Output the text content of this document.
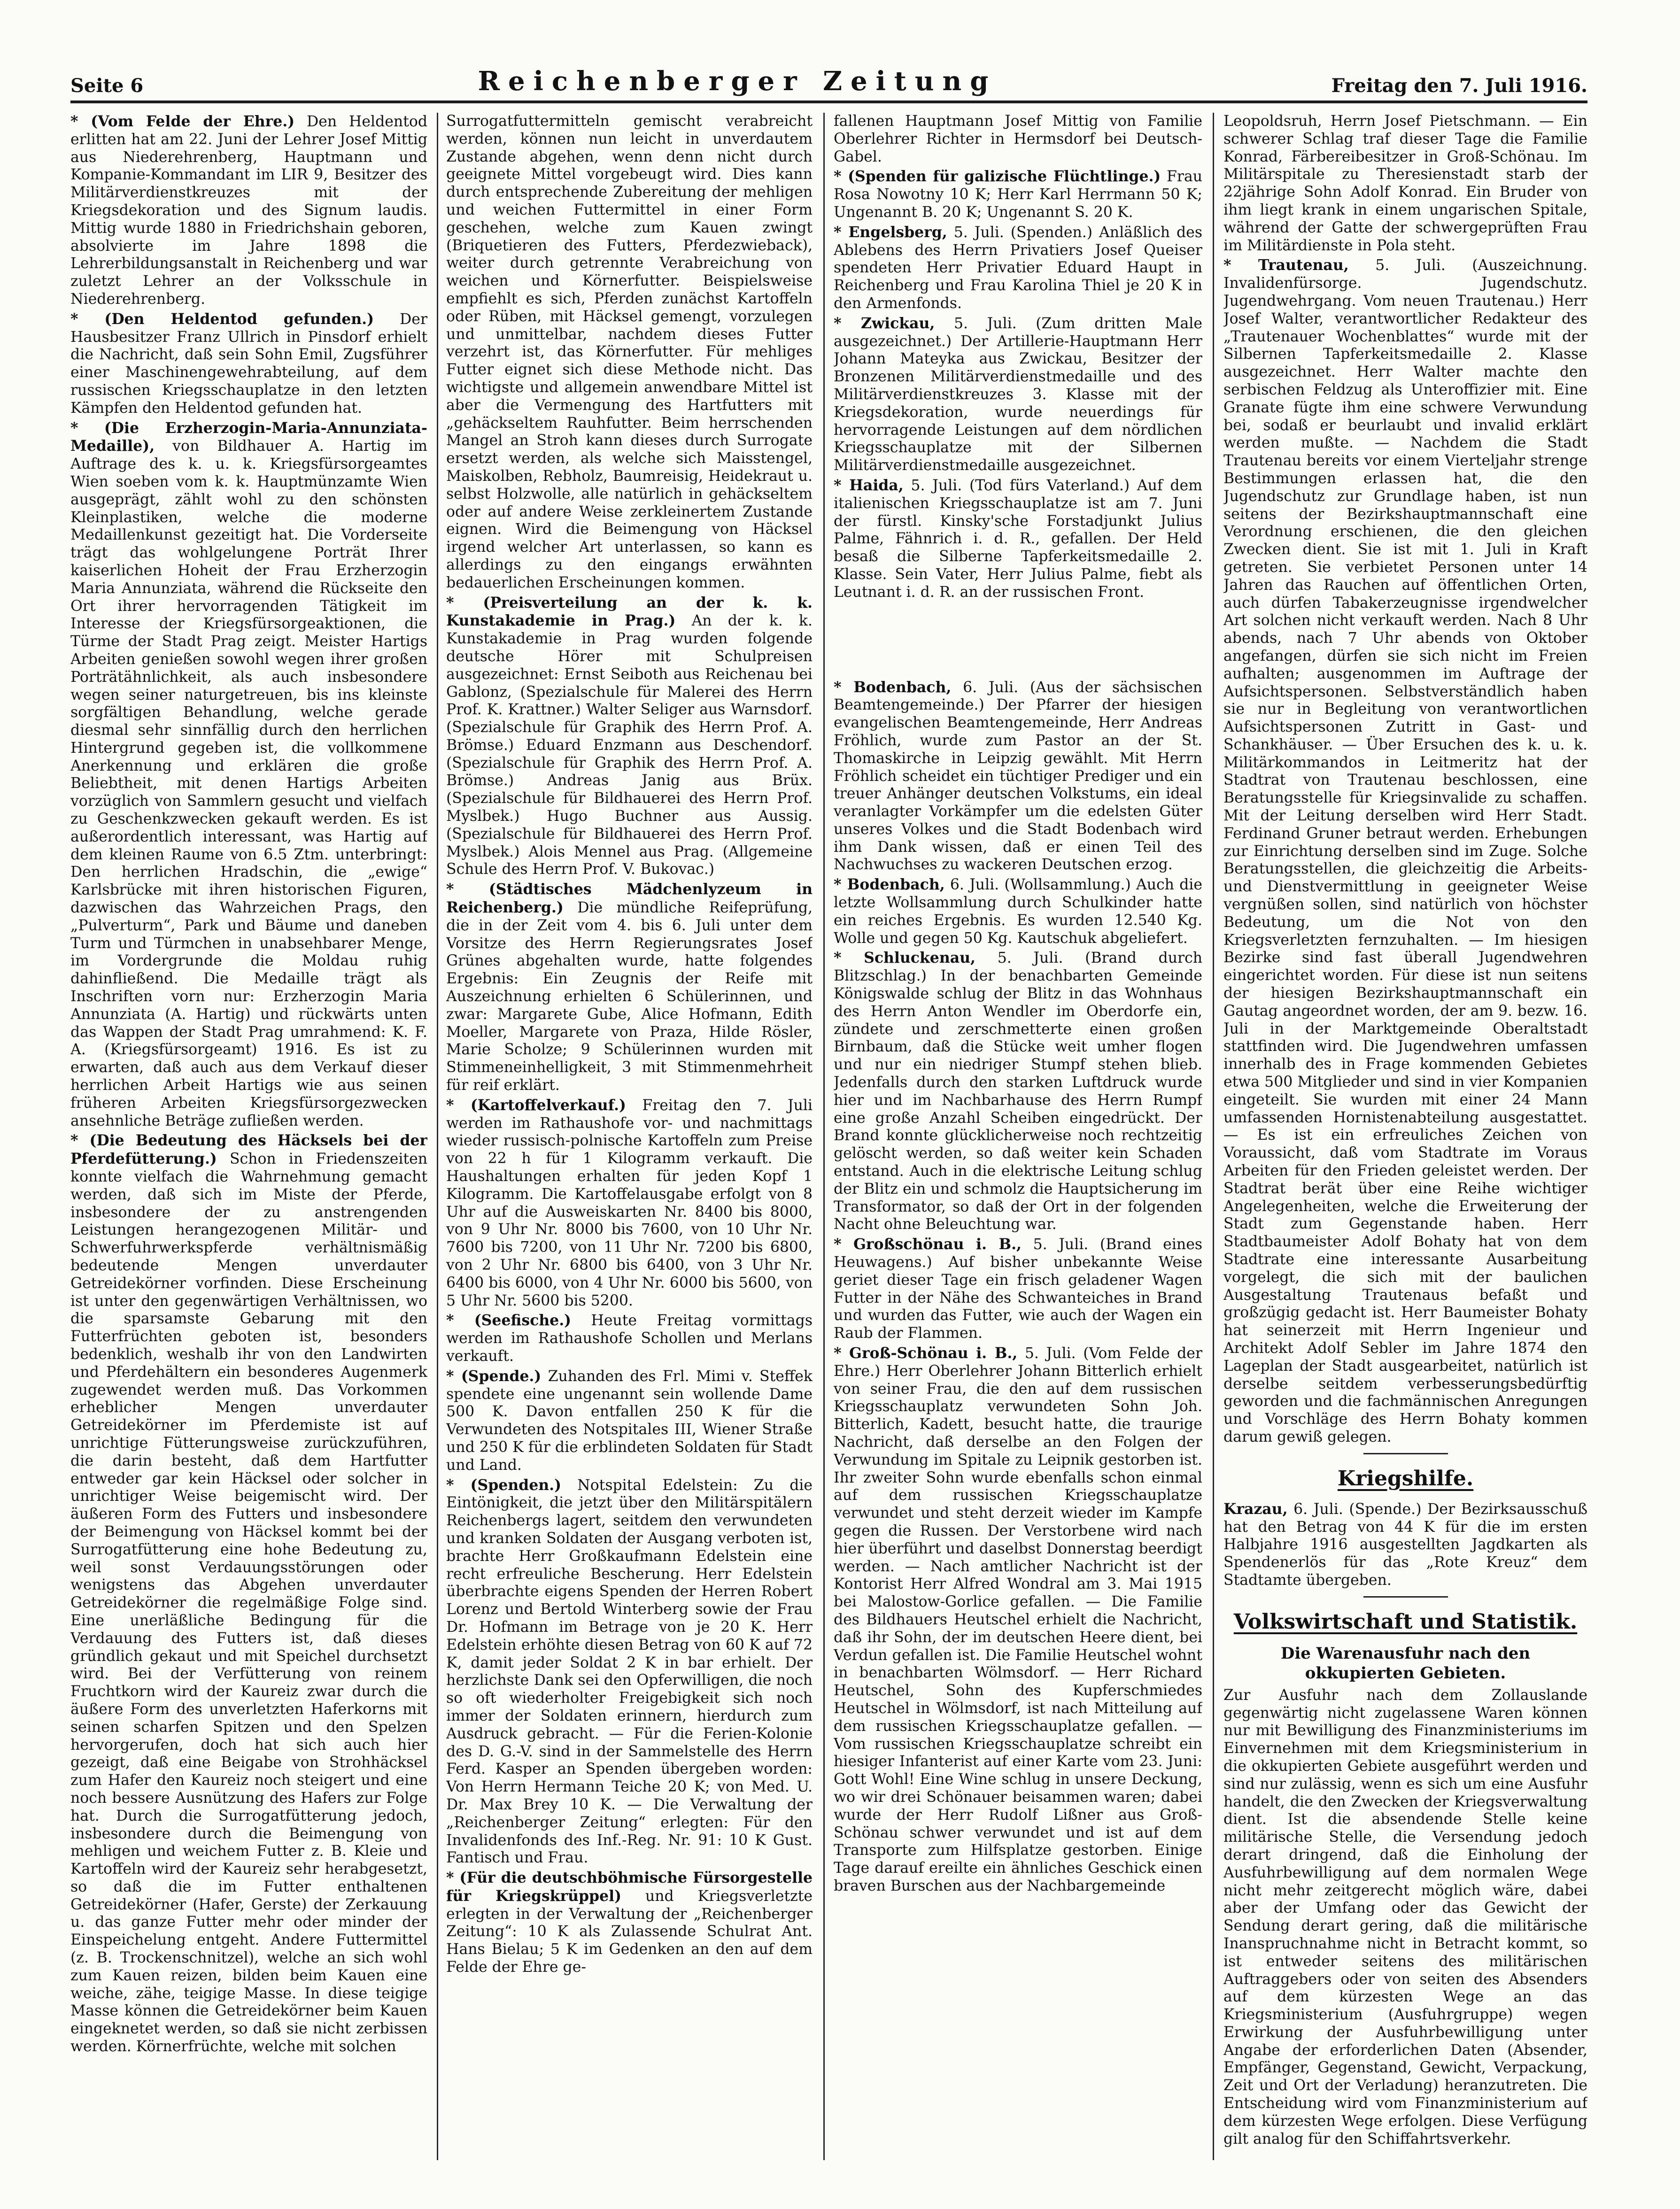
Seite 6	Reichenberger Zeitung	Freitag den 7. Juli 1916.

* (Vom Felde der Ehre.) Den Heldentod erlitten hat am 22. Juni der Lehrer Josef Mittig aus Niederehrenberg, Hauptmann und Kompanie-Kommandant im LIR 9, Besitzer des Militärverdienstkreuzes mit der Kriegsdekoration und des Signum laudis. Mittig wurde 1880 in Friedrichshain geboren, absolvierte im Jahre 1898 die Lehrerbildungsanstalt in Reichenberg und war zuletzt Lehrer an der Volksschule in Niederehrenberg.

* (Den Heldentod gefunden.) Der Hausbesitzer Franz Ullrich in Pinsdorf erhielt die Nachricht, daß sein Sohn Emil, Zugsführer einer Maschinengewehrabteilung, auf dem russischen Kriegsschauplatze in den letzten Kämpfen den Heldentod gefunden hat.

* (Die Erzherzogin-Maria-Annunziata-Medaille), von Bildhauer A. Hartig im Auftrage des k. u. k. Kriegsfürsorgeamtes Wien soeben vom k. k. Hauptmünzamte Wien ausgeprägt, zählt wohl zu den schönsten Kleinplastiken, welche die moderne Medaillenkunst gezeitigt hat. Die Vorderseite trägt das wohlgelungene Porträt Ihrer kaiserlichen Hoheit der Frau Erzherzogin Maria Annunziata, während die Rückseite den Ort ihrer hervorragenden Tätigkeit im Interesse der Kriegsfürsorgeaktionen, die Türme der Stadt Prag zeigt. Meister Hartigs Arbeiten genießen sowohl wegen ihrer großen Porträtähnlichkeit, als auch insbesondere wegen seiner naturgetreuen, bis ins kleinste sorgfältigen Behandlung, welche gerade diesmal sehr sinnfällig durch den herrlichen Hintergrund gegeben ist, die vollkommene Anerkennung und erklären die große Beliebtheit, mit denen Hartigs Arbeiten vorzüglich von Sammlern gesucht und vielfach zu Geschenkzwecken gekauft werden. Es ist außerordentlich interessant, was Hartig auf dem kleinen Raume von 6.5 Ztm. unterbringt: Den herrlichen Hradschin, die „ewige“ Karlsbrücke mit ihren historischen Figuren, dazwischen das Wahrzeichen Prags, den „Pulverturm“, Park und Bäume und daneben Turm und Türmchen in unabsehbarer Menge, im Vordergrunde die Moldau ruhig dahinfließend. Die Medaille trägt als Inschriften vorn nur: Erzherzogin Maria Annunziata (A. Hartig) und rückwärts unten das Wappen der Stadt Prag umrahmend: K. F. A. (Kriegsfürsorgeamt) 1916. Es ist zu erwarten, daß auch aus dem Verkauf dieser herrlichen Arbeit Hartigs wie aus seinen früheren Arbeiten Kriegsfürsorgezwecken ansehnliche Beträge zufließen werden.

* (Die Bedeutung des Häcksels bei der Pferdefütterung.) Schon in Friedenszeiten konnte vielfach die Wahrnehmung gemacht werden, daß sich im Miste der Pferde, insbesondere der zu anstrengenden Leistungen herangezogenen Militär- und Schwerfuhrwerkspferde verhältnismäßig bedeutende Mengen unverdauter Getreidekörner vorfinden. Diese Erscheinung ist unter den gegenwärtigen Verhältnissen, wo die sparsamste Gebarung mit den Futterfrüchten geboten ist, besonders bedenklich, weshalb ihr von den Landwirten und Pferdehältern ein besonderes Augenmerk zugewendet werden muß. Das Vorkommen erheblicher Mengen unverdauter Getreidekörner im Pferdemiste ist auf unrichtige Fütterungsweise zurückzuführen, die darin besteht, daß dem Hartfutter entweder gar kein Häcksel oder solcher in unrichtiger Weise beigemischt wird. Der äußeren Form des Futters und insbesondere der Beimengung von Häcksel kommt bei der Surrogatfütterung eine hohe Bedeutung zu, weil sonst Verdauungsstörungen oder wenigstens das Abgehen unverdauter Getreidekörner die regelmäßige Folge sind. Eine unerläßliche Bedingung für die Verdauung des Futters ist, daß dieses gründlich gekaut und mit Speichel durchsetzt wird. Bei der Verfütterung von reinem Fruchtkorn wird der Kaureiz zwar durch die äußere Form des unverletzten Haferkorns mit seinen scharfen Spitzen und den Spelzen hervorgerufen, doch hat sich auch hier gezeigt, daß eine Beigabe von Strohhäcksel zum Hafer den Kaureiz noch steigert und eine noch bessere Ausnützung des Hafers zur Folge hat. Durch die Surrogatfütterung jedoch, insbesondere durch die Beimengung von mehligen und weichem Futter z. B. Kleie und Kartoffeln wird der Kaureiz sehr herabgesetzt, so daß die im Futter enthaltenen Getreidekörner (Hafer, Gerste) der Zerkauung u. das ganze Futter mehr oder minder der Einspeichelung entgeht. Andere Futtermittel (z. B. Trockenschnitzel), welche an sich wohl zum Kauen reizen, bilden beim Kauen eine weiche, zähe, teigige Masse. In diese teigige Masse können die Getreidekörner beim Kauen eingeknetet werden, so daß sie nicht zerbissen werden. Körnerfrüchte, welche mit solchen

Surrogatfuttermitteln gemischt verabreicht werden, können nun leicht in unverdautem Zustande abgehen, wenn denn nicht durch geeignete Mittel vorgebeugt wird. Dies kann durch entsprechende Zubereitung der mehligen und weichen Futtermittel in einer Form geschehen, welche zum Kauen zwingt (Briquetieren des Futters, Pferdezwieback), weiter durch getrennte Verabreichung von weichen und Körnerfutter. Beispielsweise empfiehlt es sich, Pferden zunächst Kartoffeln oder Rüben, mit Häcksel gemengt, vorzulegen und unmittelbar, nachdem dieses Futter verzehrt ist, das Körnerfutter. Für mehliges Futter eignet sich diese Methode nicht. Das wichtigste und allgemein anwendbare Mittel ist aber die Vermengung des Hartfutters mit „gehäckseltem Rauhfutter. Beim herrschenden Mangel an Stroh kann dieses durch Surrogate ersetzt werden, als welche sich Maisstengel, Maiskolben, Rebholz, Baumreisig, Heidekraut u. selbst Holzwolle, alle natürlich in gehäckseltem oder auf andere Weise zerkleinertem Zustande eignen. Wird die Beimengung von Häcksel irgend welcher Art unterlassen, so kann es allerdings zu den eingangs erwähnten bedauerlichen Erscheinungen kommen.

* (Preisverteilung an der k. k. Kunstakademie in Prag.) An der k. k. Kunstakademie in Prag wurden folgende deutsche Hörer mit Schulpreisen ausgezeichnet: Ernst Seiboth aus Reichenau bei Gablonz, (Spezialschule für Malerei des Herrn Prof. K. Krattner.) Walter Seliger aus Warnsdorf. (Spezialschule für Graphik des Herrn Prof. A. Brömse.) Eduard Enzmann aus Deschendorf. (Spezialschule für Graphik des Herrn Prof. A. Brömse.) Andreas Janig aus Brüx. (Spezialschule für Bildhauerei des Herrn Prof. Myslbek.) Hugo Buchner aus Aussig. (Spezialschule für Bildhauerei des Herrn Prof. Myslbek.) Alois Mennel aus Prag. (Allgemeine Schule des Herrn Prof. V. Bukovac.)

* (Städtisches Mädchenlyzeum in Reichenberg.) Die mündliche Reifeprüfung, die in der Zeit vom 4. bis 6. Juli unter dem Vorsitze des Herrn Regierungsrates Josef Grünes abgehalten wurde, hatte folgendes Ergebnis: Ein Zeugnis der Reife mit Auszeichnung erhielten 6 Schülerinnen, und zwar: Margarete Gube, Alice Hofmann, Edith Moeller, Margarete von Praza, Hilde Rösler, Marie Scholze; 9 Schülerinnen wurden mit Stimmeneinhelligkeit, 3 mit Stimmenmehrheit für reif erklärt.

* (Kartoffelverkauf.) Freitag den 7. Juli werden im Rathaushofe vor- und nachmittags wieder russisch-polnische Kartoffeln zum Preise von 22 h für 1 Kilogramm verkauft. Die Haushaltungen erhalten für jeden Kopf 1 Kilogramm. Die Kartoffelausgabe erfolgt von 8 Uhr auf die Ausweiskarten Nr. 8400 bis 8000, von 9 Uhr Nr. 8000 bis 7600, von 10 Uhr Nr. 7600 bis 7200, von 11 Uhr Nr. 7200 bis 6800, von 2 Uhr Nr. 6800 bis 6400, von 3 Uhr Nr. 6400 bis 6000, von 4 Uhr Nr. 6000 bis 5600, von 5 Uhr Nr. 5600 bis 5200.

* (Seefische.) Heute Freitag vormittags werden im Rathaushofe Schollen und Merlans verkauft.

* (Spende.) Zuhanden des Frl. Mimi v. Steffek spendete eine ungenannt sein wollende Dame 500 K. Davon entfallen 250 K für die Verwundeten des Notspitales III, Wiener Straße und 250 K für die erblindeten Soldaten für Stadt und Land.

* (Spenden.) Notspital Edelstein: Zu die Eintönigkeit, die jetzt über den Militärspitälern Reichenbergs lagert, seitdem den verwundeten und kranken Soldaten der Ausgang verboten ist, brachte Herr Großkaufmann Edelstein eine recht erfreuliche Bescherung. Herr Edelstein überbrachte eigens Spenden der Herren Robert Lorenz und Bertold Winterberg sowie der Frau Dr. Hofmann im Betrage von je 20 K. Herr Edelstein erhöhte diesen Betrag von 60 K auf 72 K, damit jeder Soldat 2 K in bar erhielt. Der herzlichste Dank sei den Opferwilligen, die noch so oft wiederholter Freigebigkeit sich noch immer der Soldaten erinnern, hierdurch zum Ausdruck gebracht. — Für die Ferien-Kolonie des D. G.-V. sind in der Sammelstelle des Herrn Ferd. Kasper an Spenden übergeben worden: Von Herrn Hermann Teiche 20 K; von Med. U. Dr. Max Brey 10 K. — Die Verwaltung der „Reichenberger Zeitung“ erlegten: Für den Invalidenfonds des Inf.-Reg. Nr. 91: 10 K Gust. Fantisch und Frau.

* (Für die deutschböhmische Fürsorgestelle für Kriegskrüppel) und Kriegsverletzte erlegten in der Verwaltung der „Reichenberger Zeitung“: 10 K als Zulassende Schulrat Ant. Hans Bielau; 5 K im Gedenken an den auf dem Felde der Ehre ge-

fallenen Hauptmann Josef Mittig von Familie Oberlehrer Richter in Hermsdorf bei Deutsch-Gabel.

* (Spenden für galizische Flüchtlinge.) Frau Rosa Nowotny 10 K; Herr Karl Herrmann 50 K; Ungenannt B. 20 K; Ungenannt S. 20 K.

* Engelsberg, 5. Juli. (Spenden.) Anläßlich des Ablebens des Herrn Privatiers Josef Queiser spendeten Herr Privatier Eduard Haupt in Reichenberg und Frau Karolina Thiel je 20 K in den Armenfonds.

* Zwickau, 5. Juli. (Zum dritten Male ausgezeichnet.) Der Artillerie-Hauptmann Herr Johann Mateyka aus Zwickau, Besitzer der Bronzenen Militärverdienstmedaille und des Militärverdienstkreuzes 3. Klasse mit der Kriegsdekoration, wurde neuerdings für hervorragende Leistungen auf dem nördlichen Kriegsschauplatze mit der Silbernen Militärverdienstmedaille ausgezeichnet.

* Haida, 5. Juli. (Tod fürs Vaterland.) Auf dem italienischen Kriegsschauplatze ist am 7. Juni der fürstl. Kinsky'sche Forstadjunkt Julius Palme, Fähnrich i. d. R., gefallen. Der Held besaß die Silberne Tapferkeitsmedaille 2. Klasse. Sein Vater, Herr Julius Palme, fiebt als Leutnant i. d. R. an der russischen Front.

* Bodenbach, 6. Juli. (Aus der sächsischen Beamtengemeinde.) Der Pfarrer der hiesigen evangelischen Beamtengemeinde, Herr Andreas Fröhlich, wurde zum Pastor an der St. Thomaskirche in Leipzig gewählt. Mit Herrn Fröhlich scheidet ein tüchtiger Prediger und ein treuer Anhänger deutschen Volkstums, ein ideal veranlagter Vorkämpfer um die edelsten Güter unseres Volkes und die Stadt Bodenbach wird ihm Dank wissen, daß er einen Teil des Nachwuchses zu wackeren Deutschen erzog.

* Bodenbach, 6. Juli. (Wollsammlung.) Auch die letzte Wollsammlung durch Schulkinder hatte ein reiches Ergebnis. Es wurden 12.540 Kg. Wolle und gegen 50 Kg. Kautschuk abgeliefert.

* Schluckenau, 5. Juli. (Brand durch Blitzschlag.) In der benachbarten Gemeinde Königswalde schlug der Blitz in das Wohnhaus des Herrn Anton Wendler im Oberdorfe ein, zündete und zerschmetterte einen großen Birnbaum, daß die Stücke weit umher flogen und nur ein niedriger Stumpf stehen blieb. Jedenfalls durch den starken Luftdruck wurde hier und im Nachbarhause des Herrn Rumpf eine große Anzahl Scheiben eingedrückt. Der Brand konnte glücklicherweise noch rechtzeitig gelöscht werden, so daß weiter kein Schaden entstand. Auch in die elektrische Leitung schlug der Blitz ein und schmolz die Hauptsicherung im Transformator, so daß der Ort in der folgenden Nacht ohne Beleuchtung war.

* Großschönau i. B., 5. Juli. (Brand eines Heuwagens.) Auf bisher unbekannte Weise geriet dieser Tage ein frisch geladener Wagen Futter in der Nähe des Schwanteiches in Brand und wurden das Futter, wie auch der Wagen ein Raub der Flammen.

* Groß-Schönau i. B., 5. Juli. (Vom Felde der Ehre.) Herr Oberlehrer Johann Bitterlich erhielt von seiner Frau, die den auf dem russischen Kriegsschauplatz verwundeten Sohn Joh. Bitterlich, Kadett, besucht hatte, die traurige Nachricht, daß derselbe an den Folgen der Verwundung im Spitale zu Leipnik gestorben ist. Ihr zweiter Sohn wurde ebenfalls schon einmal auf dem russischen Kriegsschauplatze verwundet und steht derzeit wieder im Kampfe gegen die Russen. Der Verstorbene wird nach hier überführt und daselbst Donnerstag beerdigt werden. — Nach amtlicher Nachricht ist der Kontorist Herr Alfred Wondral am 3. Mai 1915 bei Malostow-Gorlice gefallen. — Die Familie des Bildhauers Heutschel erhielt die Nachricht, daß ihr Sohn, der im deutschen Heere dient, bei Verdun gefallen ist. Die Familie Heutschel wohnt in benachbarten Wölmsdorf. — Herr Richard Heutschel, Sohn des Kupferschmiedes Heutschel in Wölmsdorf, ist nach Mitteilung auf dem russischen Kriegsschauplatze gefallen. — Vom russischen Kriegsschauplatze schreibt ein hiesiger Infanterist auf einer Karte vom 23. Juni: Gott Wohl! Eine Wine schlug in unsere Deckung, wo wir drei Schönauer beisammen waren; dabei wurde der Herr Rudolf Lißner aus Groß-Schönau schwer verwundet und ist auf dem Transporte zum Hilfsplatze gestorben. Einige Tage darauf ereilte ein ähnliches Geschick einen braven Burschen aus der Nachbargemeinde

Leopoldsruh, Herrn Josef Pietschmann. — Ein schwerer Schlag traf dieser Tage die Familie Konrad, Färbereibesitzer in Groß-Schönau. Im Militärspitale zu Theresienstadt starb der 22jährige Sohn Adolf Konrad. Ein Bruder von ihm liegt krank in einem ungarischen Spitale, während der Gatte der schwergeprüften Frau im Militärdienste in Pola steht.

* Trautenau, 5. Juli. (Auszeichnung. Invalidenfürsorge. Jugendschutz. Jugendwehrgang. Vom neuen Trautenau.) Herr Josef Walter, verantwortlicher Redakteur des „Trautenauer Wochenblattes“ wurde mit der Silbernen Tapferkeitsmedaille 2. Klasse ausgezeichnet. Herr Walter machte den serbischen Feldzug als Unteroffizier mit. Eine Granate fügte ihm eine schwere Verwundung bei, sodaß er beurlaubt und invalid erklärt werden mußte. — Nachdem die Stadt Trautenau bereits vor einem Vierteljahr strenge Bestimmungen erlassen hat, die den Jugendschutz zur Grundlage haben, ist nun seitens der Bezirkshauptmannschaft eine Verordnung erschienen, die den gleichen Zwecken dient. Sie ist mit 1. Juli in Kraft getreten. Sie verbietet Personen unter 14 Jahren das Rauchen auf öffentlichen Orten, auch dürfen Tabakerzeugnisse irgendwelcher Art solchen nicht verkauft werden. Nach 8 Uhr abends, nach 7 Uhr abends von Oktober angefangen, dürfen sie sich nicht im Freien aufhalten; ausgenommen im Auftrage der Aufsichtspersonen. Selbstverständlich haben sie nur in Begleitung von verantwortlichen Aufsichtspersonen Zutritt in Gast- und Schankhäuser. — Über Ersuchen des k. u. k. Militärkommandos in Leitmeritz hat der Stadtrat von Trautenau beschlossen, eine Beratungsstelle für Kriegsinvalide zu schaffen. Mit der Leitung derselben wird Herr Stadt. Ferdinand Gruner betraut werden. Erhebungen zur Einrichtung derselben sind im Zuge. Solche Beratungsstellen, die gleichzeitig die Arbeits- und Dienstvermittlung in geeigneter Weise vergnüßen sollen, sind natürlich von höchster Bedeutung, um die Not von den Kriegsverletzten fernzuhalten. — Im hiesigen Bezirke sind fast überall Jugendwehren eingerichtet worden. Für diese ist nun seitens der hiesigen Bezirkshauptmannschaft ein Gautag angeordnet worden, der am 9. bezw. 16. Juli in der Marktgemeinde Oberaltstadt stattfinden wird. Die Jugendwehren umfassen innerhalb des in Frage kommenden Gebietes etwa 500 Mitglieder und sind in vier Kompanien eingeteilt. Sie wurden mit einer 24 Mann umfassenden Hornistenabteilung ausgestattet. — Es ist ein erfreuliches Zeichen von Voraussicht, daß vom Stadtrate im Voraus Arbeiten für den Frieden geleistet werden. Der Stadtrat berät über eine Reihe wichtiger Angelegenheiten, welche die Erweiterung der Stadt zum Gegenstande haben. Herr Stadtbaumeister Adolf Bohaty hat von dem Stadtrate eine interessante Ausarbeitung vorgelegt, die sich mit der baulichen Ausgestaltung Trautenaus befaßt und großzügig gedacht ist. Herr Baumeister Bohaty hat seinerzeit mit Herrn Ingenieur und Architekt Adolf Sebler im Jahre 1874 den Lageplan der Stadt ausgearbeitet, natürlich ist derselbe seitdem verbesserungsbedürftig geworden und die fachmännischen Anregungen und Vorschläge des Herrn Bohaty kommen darum gewiß gelegen.

Kriegshilfe.

Krazau, 6. Juli. (Spende.) Der Bezirksausschuß hat den Betrag von 44 K für die im ersten Halbjahre 1916 ausgestellten Jagdkarten als Spendenerlös für das „Rote Kreuz“ dem Stadtamte übergeben.

Volkswirtschaft und Statistik.
Die Warenausfuhr nach den okkupierten Gebieten.

Zur Ausfuhr nach dem Zollauslande gegenwärtig nicht zugelassene Waren können nur mit Bewilligung des Finanzministeriums im Einvernehmen mit dem Kriegsministerium in die okkupierten Gebiete ausgeführt werden und sind nur zulässig, wenn es sich um eine Ausfuhr handelt, die den Zwecken der Kriegsverwaltung dient. Ist die absendende Stelle keine militärische Stelle, die Versendung jedoch derart dringend, daß die Einholung der Ausfuhrbewilligung auf dem normalen Wege nicht mehr zeitgerecht möglich wäre, dabei aber der Umfang oder das Gewicht der Sendung derart gering, daß die militärische Inanspruchnahme nicht in Betracht kommt, so ist entweder seitens des militärischen Auftraggebers oder von seiten des Absenders auf dem kürzesten Wege an das Kriegsministerium (Ausfuhrgruppe) wegen Erwirkung der Ausfuhrbewilligung unter Angabe der erforderlichen Daten (Absender, Empfänger, Gegenstand, Gewicht, Verpackung, Zeit und Ort der Verladung) heranzutreten. Die Entscheidung wird vom Finanzministerium auf dem kürzesten Wege erfolgen. Diese Verfügung gilt analog für den Schiffahrtsverkehr.
